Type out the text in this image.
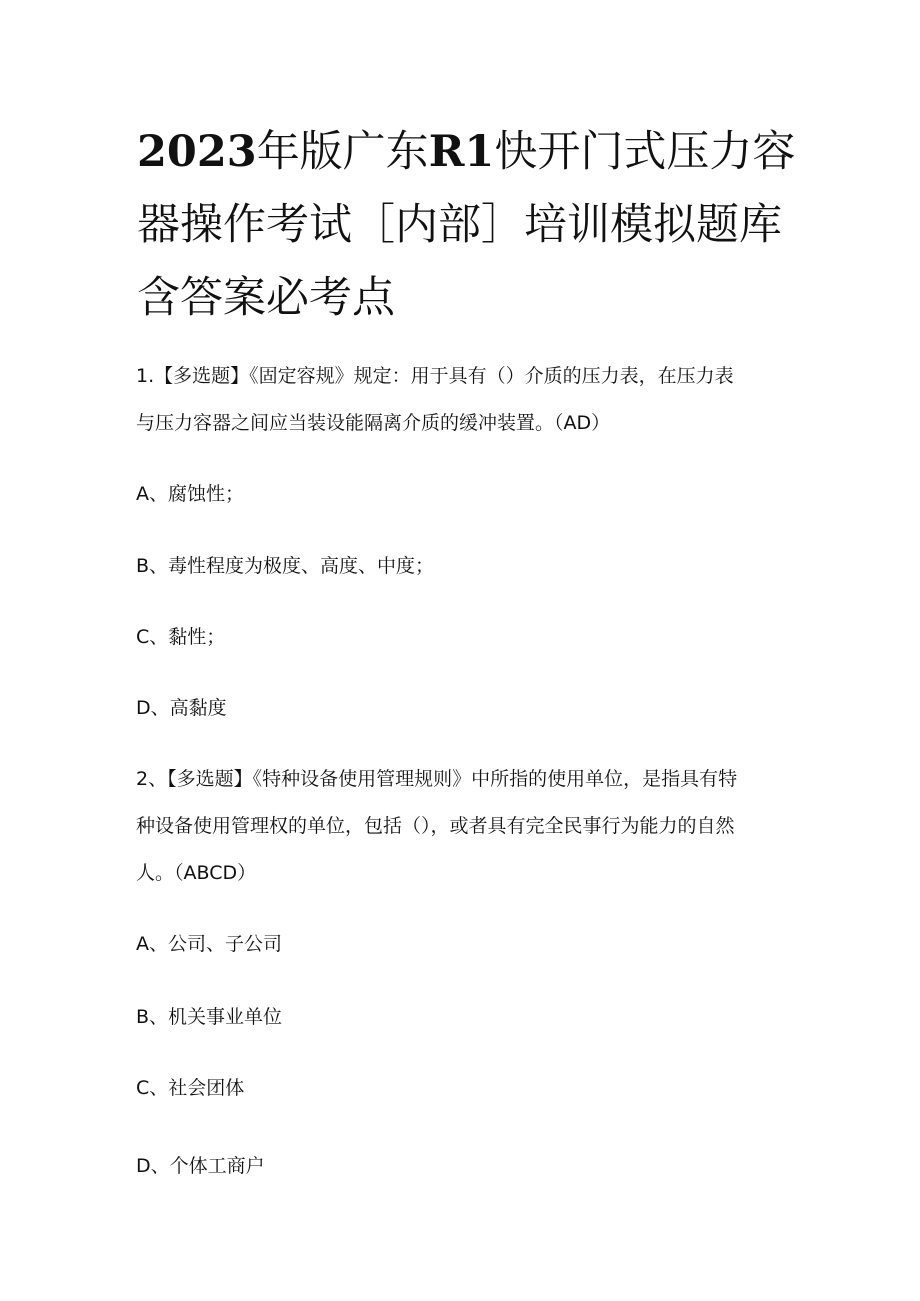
2023年版广东R1快开门式压力容
器操作考试［内部］培训模拟题库
含答案必考点

1.【多选题】《固定容规》规定：用于具有（）介质的压力表，在压力表

与压力容器之间应当装设能隔离介质的缓冲装置。（AD）

A、腐蚀性；

B、毒性程度为极度、高度、中度；

C、黏性；

D、高黏度

2、【多选题】《特种设备使用管理规则》中所指的使用单位，是指具有特

种设备使用管理权的单位，包括（），或者具有完全民事行为能力的自然

人。（ABCD）

A、公司、子公司

B、机关事业单位

C、社会团体

D、个体工商户
